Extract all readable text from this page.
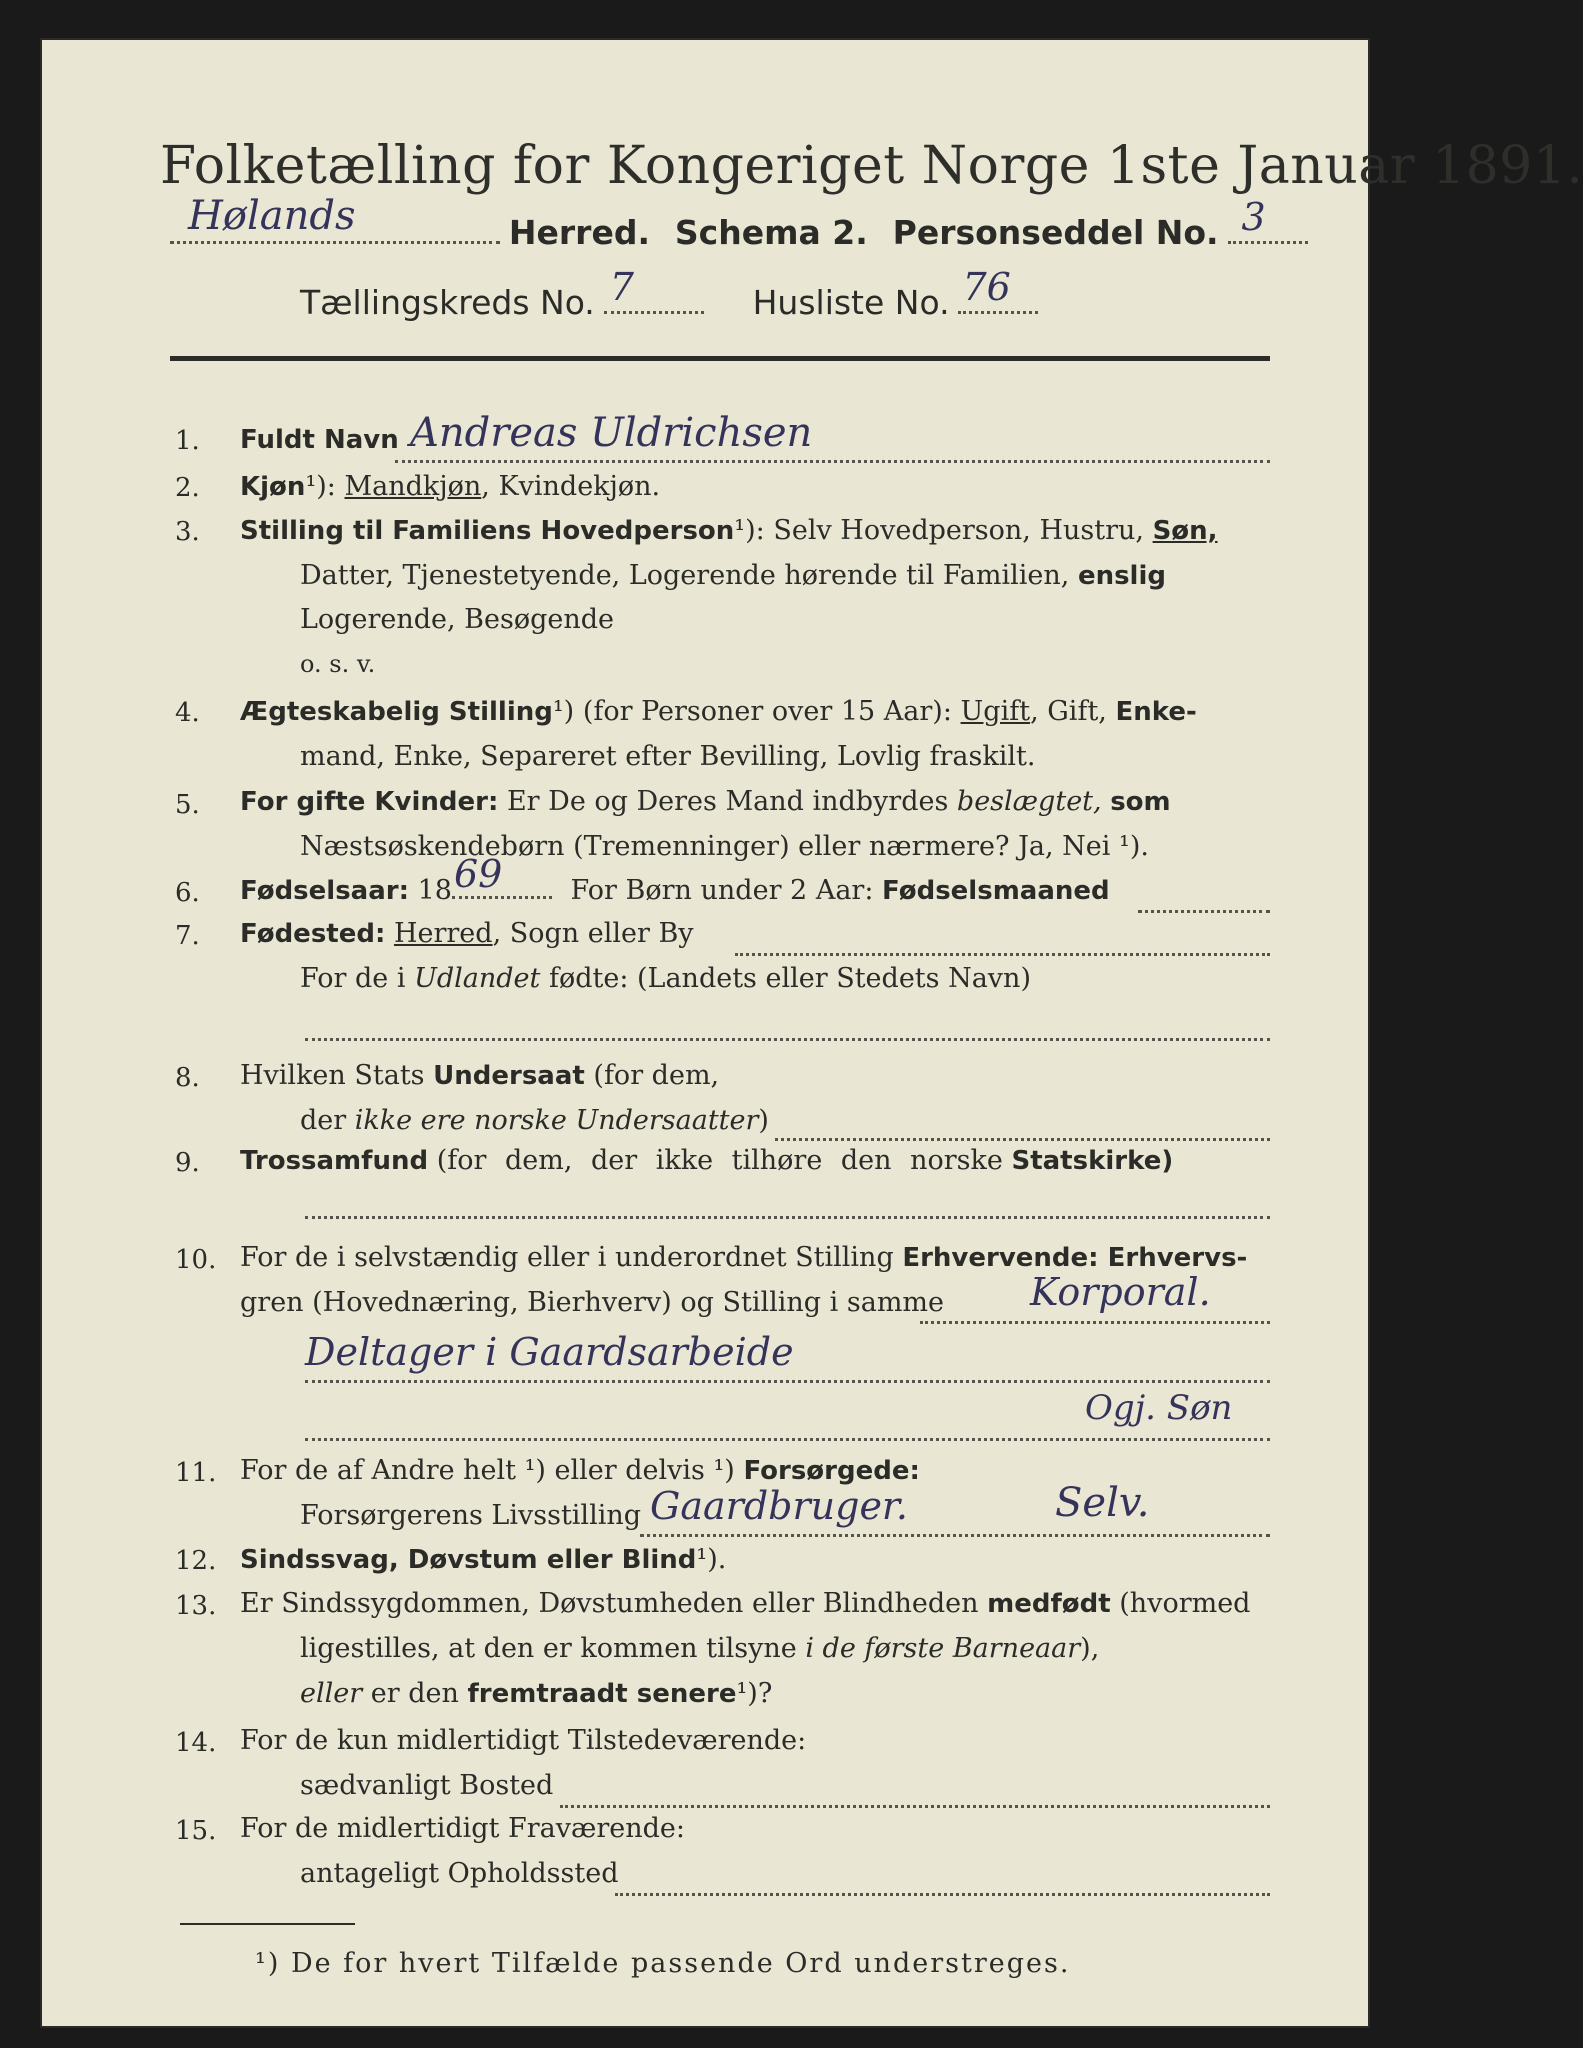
Folketælling for Kongeriget Norge 1ste Januar 1891.
Hølands	Herred. Schema 2. Personseddel No. 3
Tællingskreds No. 7	Husliste No. 76
1. Fuldt Navn Andreas Uldrichsen
2. Kjøn¹): Mandkjøn, Kvindekjøn.
3. Stilling til Familiens Hovedperson¹): Selv Hovedperson, Hustru, Søn,
Datter, Tjenestetyende, Logerende hørende til Familien, enslig
Logerende, Besøgende
o. s. v.
4. Ægteskabelig Stilling¹) (for Personer over 15 Aar): Ugift, Gift, Enke-
mand, Enke, Separeret efter Bevilling, Lovlig fraskilt.
5. For gifte Kvinder: Er De og Deres Mand indbyrdes beslægtet, som
Næstsøskendebørn (Tremenninger) eller nærmere? Ja, Nei ¹).
6. Fødselsaar: 18 69	For Børn under 2 Aar: Fødselsmaaned
7. Fødested: Herred, Sogn eller By
For de i Udlandet fødte: (Landets eller Stedets Navn)
8. Hvilken Stats Undersaat (for dem,
der ikke ere norske Undersaatter)
9. Trossamfund (for dem, der ikke tilhøre den norske Statskirke)
10. For de i selvstændig eller i underordnet Stilling Erhvervende: Erhvervs-
gren (Hovednæring, Bierhverv) og Stilling i samme Korporal.
Deltager i Gaardsarbeide
Ogj. Søn
11. For de af Andre helt ¹) eller delvis ¹) Forsørgede:
Forsørgerens Livsstilling Gaardbruger.	Selv.
12. Sindssvag, Døvstum eller Blind¹).
13. Er Sindssygdommen, Døvstumheden eller Blindheden medfødt (hvormed
ligestilles, at den er kommen tilsyne i de første Barneaar),
eller er den fremtraadt senere¹)?
14. For de kun midlertidigt Tilstedeværende:
sædvanligt Bosted
15. For de midlertidigt Fraværende:
antageligt Opholdssted
¹) De for hvert Tilfælde passende Ord understreges.
